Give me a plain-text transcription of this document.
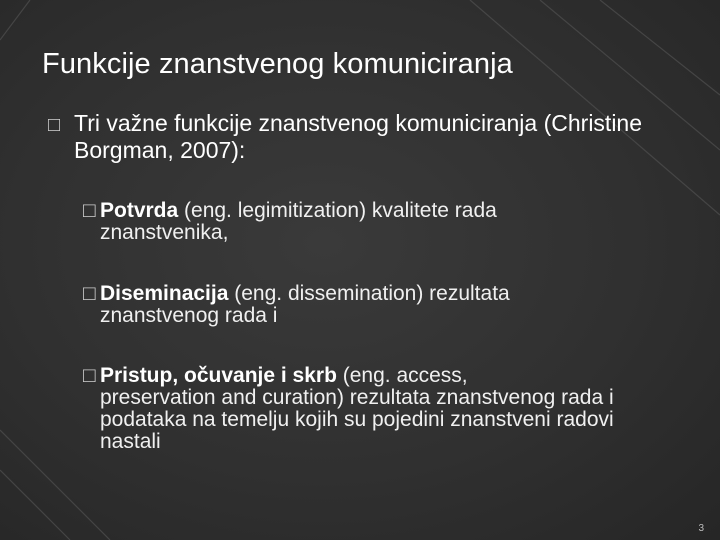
Funkcije znanstvenog komuniciranja
□ Tri važne funkcije znanstvenog komuniciranja (Christine Borgman, 2007):
□ Potvrda (eng. legimitization) kvalitete rada
znanstvenika,
□ Diseminacija (eng. dissemination) rezultata
znanstvenog rada i
□ Pristup, očuvanje i skrb (eng. access,
preservation and curation) rezultata znanstvenog rada i podataka na temelju kojih su pojedini znanstveni radovi nastali
3
